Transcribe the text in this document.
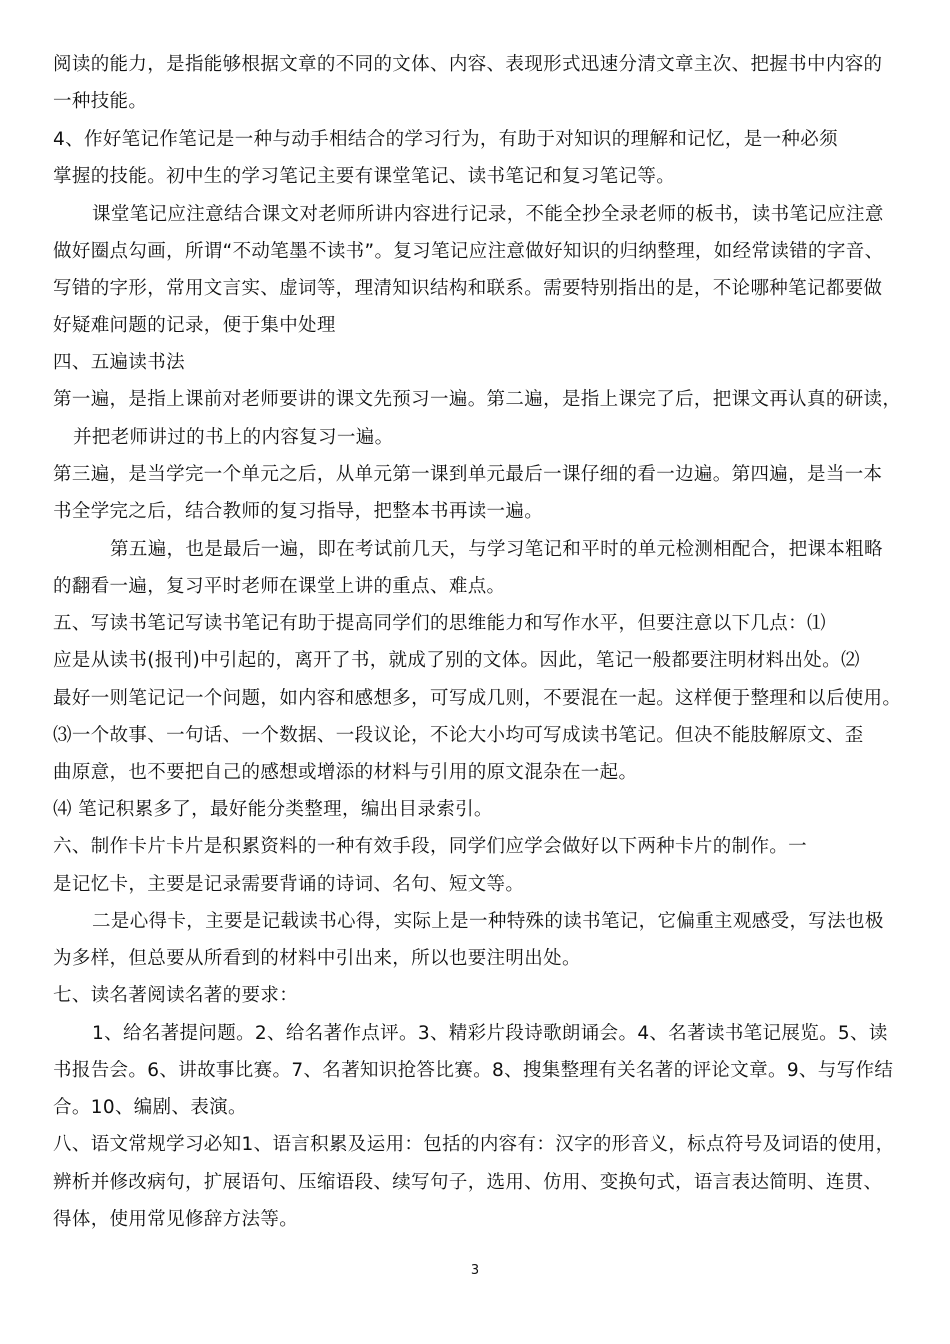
阅读的能力，是指能够根据文章的不同的文体、内容、表现形式迅速分清文章主次、把握书中内容的
一种技能。
4、作好笔记作笔记是一种与动手相结合的学习行为，有助于对知识的理解和记忆，是一种必须
掌握的技能。初中生的学习笔记主要有课堂笔记、读书笔记和复习笔记等。
课堂笔记应注意结合课文对老师所讲内容进行记录，不能全抄全录老师的板书，读书笔记应注意
做好圈点勾画，所谓“不动笔墨不读书”。复习笔记应注意做好知识的归纳整理，如经常读错的字音、
写错的字形，常用文言实、虚词等，理清知识结构和联系。需要特别指出的是，不论哪种笔记都要做
好疑难问题的记录，便于集中处理
四、五遍读书法
第一遍，是指上课前对老师要讲的课文先预习一遍。第二遍，是指上课完了后，把课文再认真的研读，
并把老师讲过的书上的内容复习一遍。
第三遍，是当学完一个单元之后，从单元第一课到单元最后一课仔细的看一边遍。第四遍，是当一本
书全学完之后，结合教师的复习指导，把整本书再读一遍。
第五遍，也是最后一遍，即在考试前几天，与学习笔记和平时的单元检测相配合，把课本粗略
的翻看一遍，复习平时老师在课堂上讲的重点、难点。
五、写读书笔记写读书笔记有助于提高同学们的思维能力和写作水平，但要注意以下几点：⑴
应是从读书(报刊)中引起的，离开了书，就成了别的文体。因此，笔记一般都要注明材料出处。⑵
最好一则笔记记一个问题，如内容和感想多，可写成几则，不要混在一起。这样便于整理和以后使用。
⑶一个故事、一句话、一个数据、一段议论，不论大小均可写成读书笔记。但决不能肢解原文、歪
曲原意，也不要把自己的感想或增添的材料与引用的原文混杂在一起。
⑷ 笔记积累多了，最好能分类整理，编出目录索引。
六、制作卡片卡片是积累资料的一种有效手段，同学们应学会做好以下两种卡片的制作。一
是记忆卡，主要是记录需要背诵的诗词、名句、短文等。
二是心得卡，主要是记载读书心得，实际上是一种特殊的读书笔记，它偏重主观感受，写法也极
为多样，但总要从所看到的材料中引出来，所以也要注明出处。
七、读名著阅读名著的要求：
1、给名著提问题。2、给名著作点评。3、精彩片段诗歌朗诵会。4、名著读书笔记展览。5、读
书报告会。6、讲故事比赛。7、名著知识抢答比赛。8、搜集整理有关名著的评论文章。9、与写作结
合。10、编剧、表演。
八、语文常规学习必知1、语言积累及运用：包括的内容有：汉字的形音义，标点符号及词语的使用，
辨析并修改病句，扩展语句、压缩语段、续写句子，选用、仿用、变换句式，语言表达简明、连贯、
得体，使用常见修辞方法等。
3
